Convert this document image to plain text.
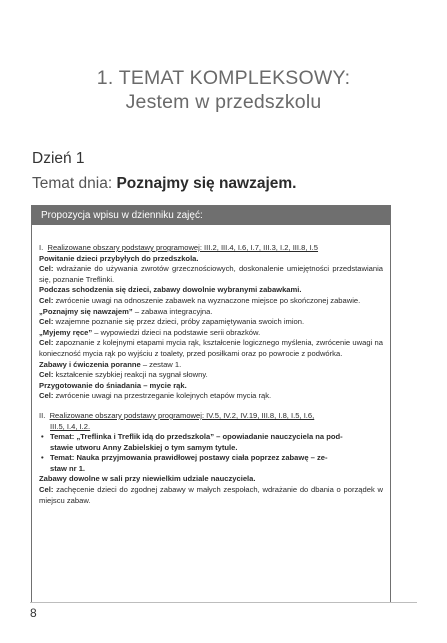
1. TEMAT KOMPLEKSOWY:
Jestem w przedszkolu
Dzień 1
Temat dnia: Poznajmy się nawzajem.
Propozycja wpisu w dzienniku zajęć:

I. Realizowane obszary podstawy programowej: III.2, III.4, I.6, I.7, III.3, I.2, III.8, I.5

Powitanie dzieci przybyłych do przedszkola.

Cel: wdrażanie do używania zwrotów grzecznościowych, doskonalenie umiejętności przedstawiania się, poznanie Treflinki.

Podczas schodzenia się dzieci, zabawy dowolnie wybranymi zabawkami.

Cel: zwrócenie uwagi na odnoszenie zabawek na wyznaczone miejsce po skończonej zabawie.

„Poznajmy się nawzajem” – zabawa integracyjna.

Cel: wzajemne poznanie się przez dzieci, próby zapamiętywania swoich imion.

„Myjemy ręce” – wypowiedzi dzieci na podstawie serii obrazków.

Cel: zapoznanie z kolejnymi etapami mycia rąk, kształcenie logicznego myślenia, zwrócenie uwagi na konieczność mycia rąk po wyjściu z toalety, przed posiłkami oraz po powrocie z podwórka.

Zabawy i ćwiczenia poranne – zestaw 1.

Cel: kształcenie szybkiej reakcji na sygnał słowny.

Przygotowanie do śniadania – mycie rąk.

Cel: zwrócenie uwagi na przestrzeganie kolejnych etapów mycia rąk.

II. Realizowane obszary podstawy programowej: IV.5, IV.2, IV.19, III.8, I.8, I.5, I.6,

III.5, I.4, I.2.

• Temat: „Treflinka i Treflik idą do przedszkola” – opowiadanie nauczyciela na pod-
stawie utworu Anny Zabielskiej o tym samym tytule.
• Temat: Nauka przyjmowania prawidłowej postawy ciała poprzez zabawę – ze-
staw nr 1.

Zabawy dowolne w sali przy niewielkim udziale nauczyciela.

Cel: zachęcenie dzieci do zgodnej zabawy w małych zespołach, wdrażanie do dbania o porządek w miejscu zabaw.

8
